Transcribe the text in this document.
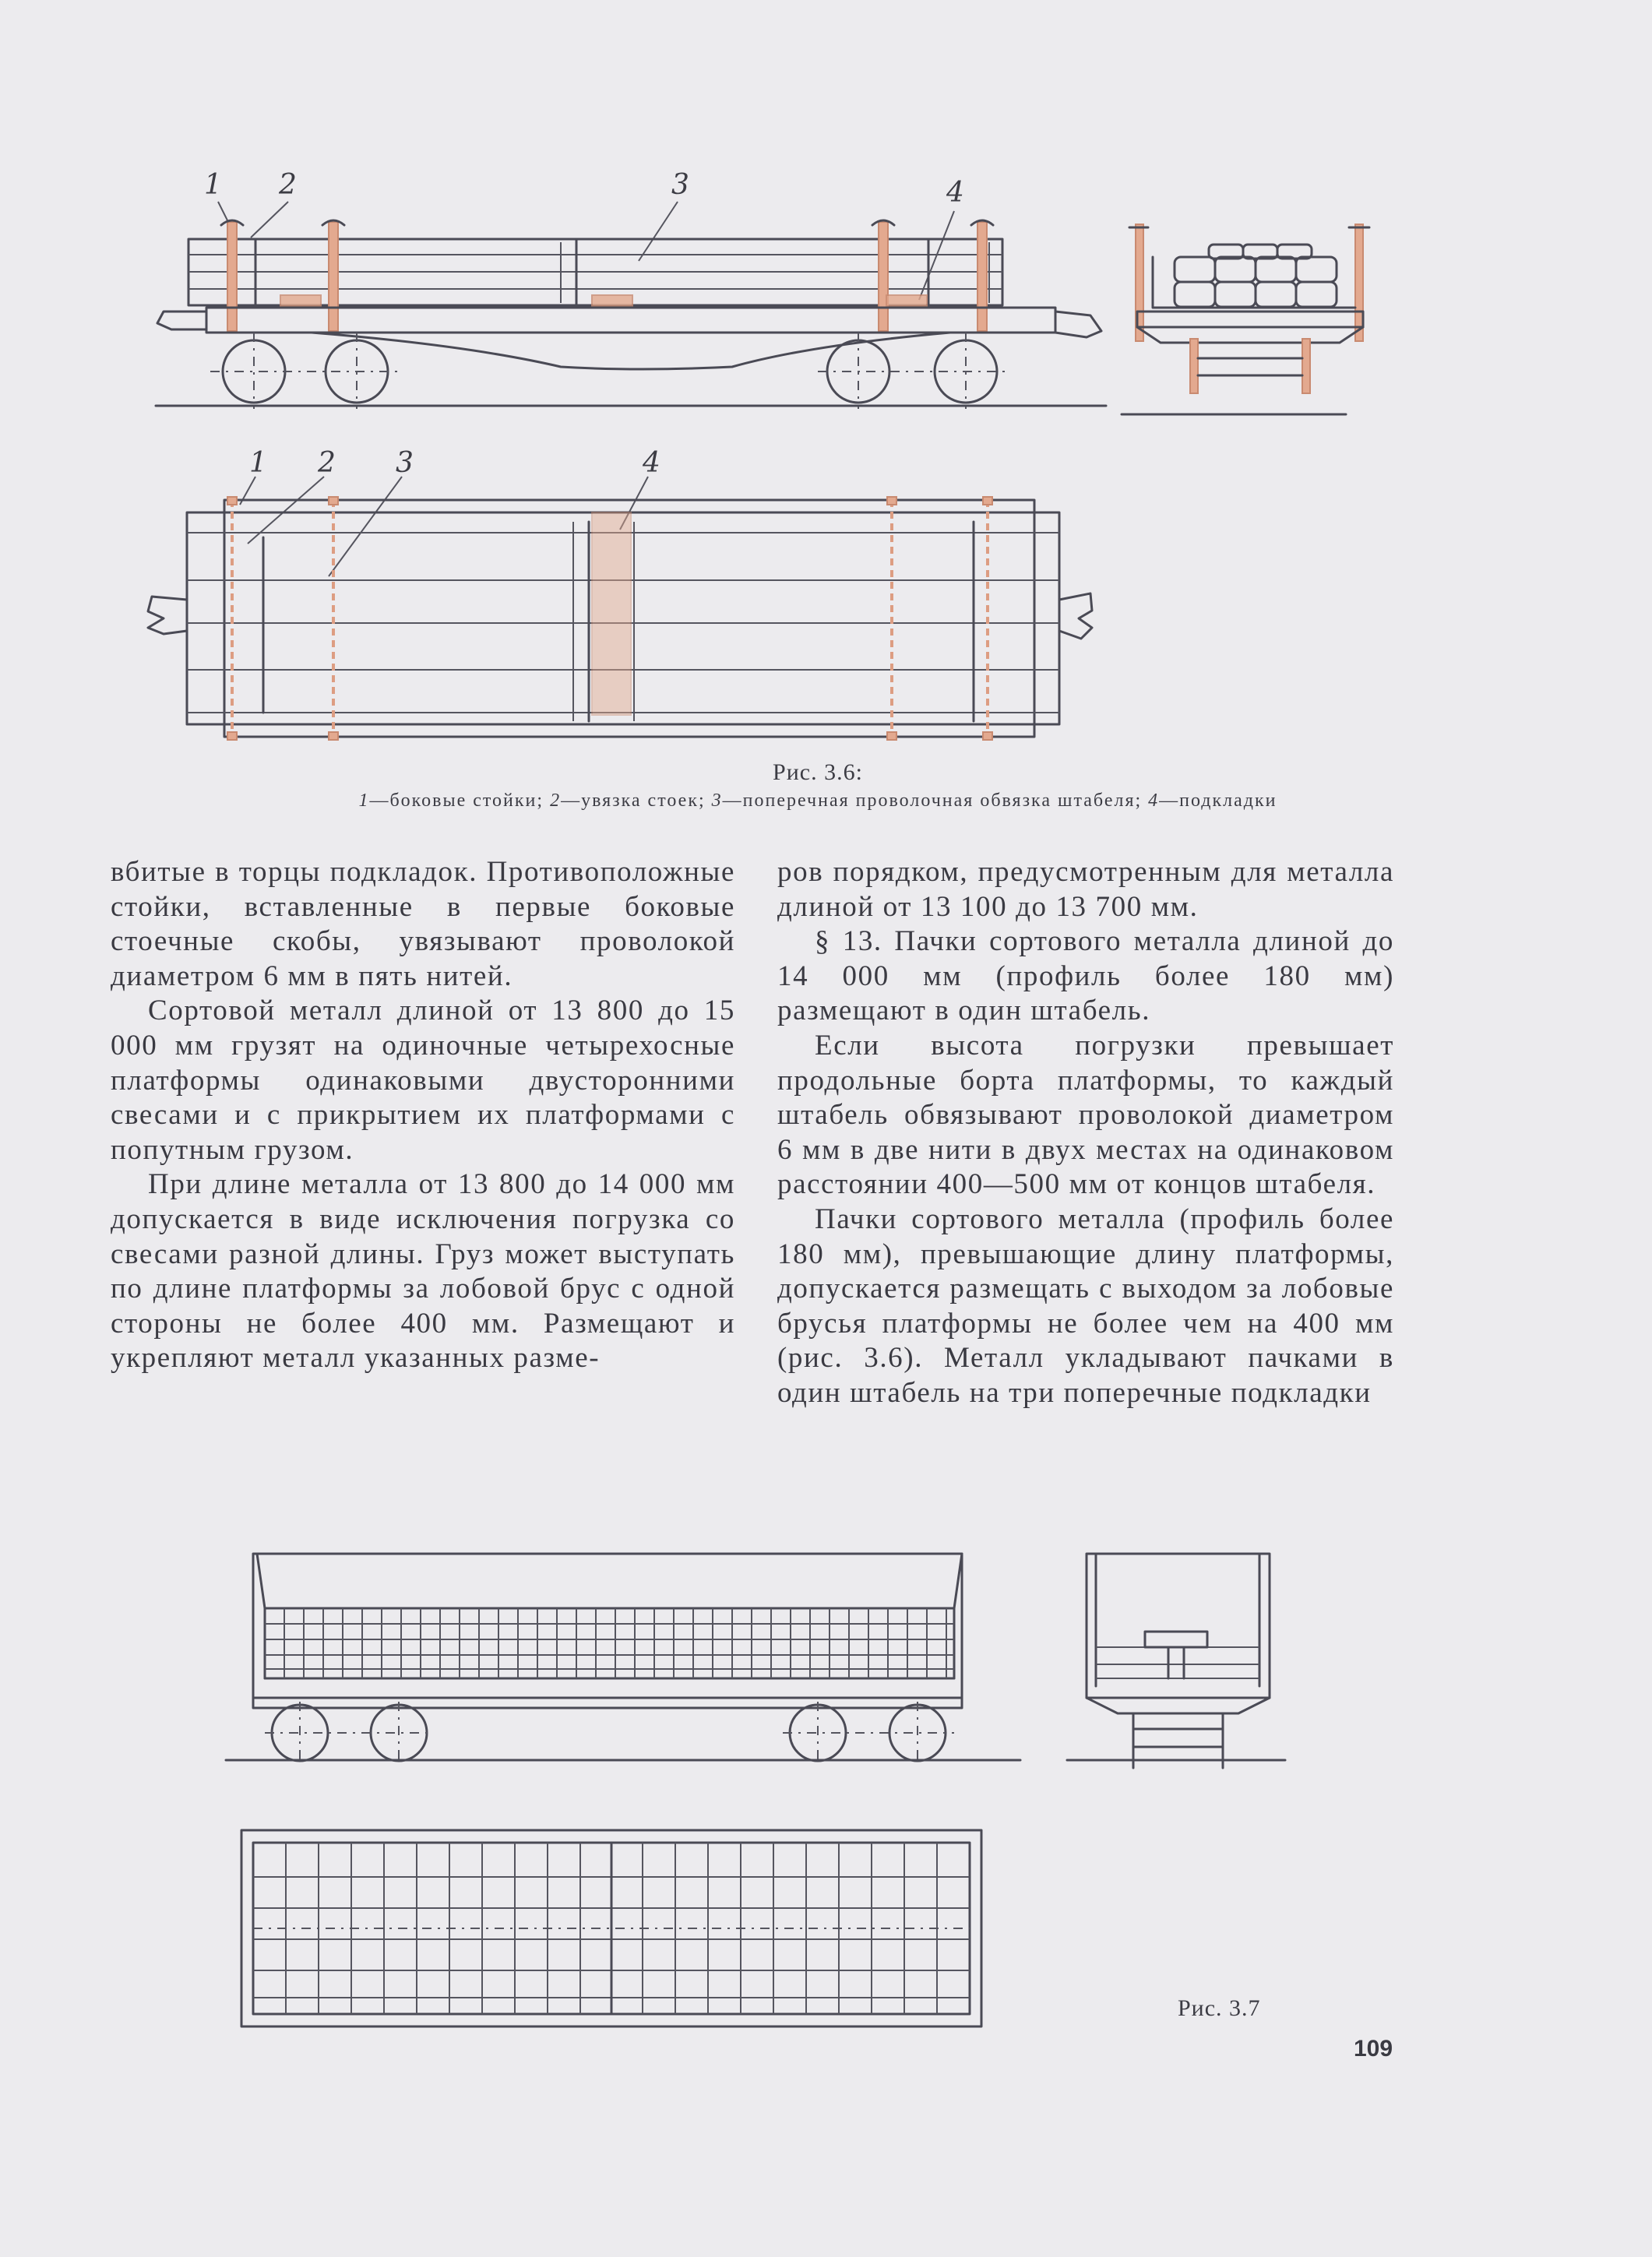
1 2	3	4
1 2 3	4
Рис. 3.6:
1—боковые стойки; 2—увязка стоек; 3—поперечная проволочная обвязка штабеля; 4—подкладки

вбитые в торцы подкладок. Противоположные стойки, вставленные в первые боковые стоечные скобы, увязывают проволокой диаметром 6 мм в пять нитей.

Сортовой металл длиной от 13 800 до 15 000 мм грузят на одиночные четырехосные платформы одинаковыми двусторонними свесами и с прикрытием их платформами с попутным грузом.

При длине металла от 13 800 до 14 000 мм допускается в виде исключения погрузка со свесами разной длины. Груз может выступать по длине платформы за лобовой брус с одной стороны не более 400 мм. Размещают и укрепляют металл указанных разме-

ров порядком, предусмотренным для металла длиной от 13 100 до 13 700 мм.

§ 13. Пачки сортового металла длиной до 14 000 мм (профиль более 180 мм) размещают в один штабель.

Если высота погрузки превышает продольные борта платформы, то каждый штабель обвязывают проволокой диаметром 6 мм в две нити в двух местах на одинаковом расстоянии 400—500 мм от концов штабеля.

Пачки сортового металла (профиль более 180 мм), превышающие длину платформы, допускается размещать с выходом за лобовые брусья платформы не более чем на 400 мм (рис. 3.6). Металл укладывают пачками в один штабель на три поперечные подкладки

Рис. 3.7
109
